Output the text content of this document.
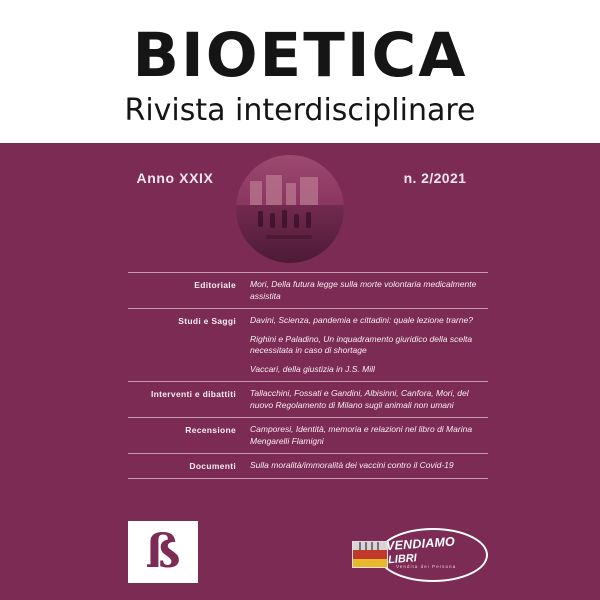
BIOETICA
Rivista interdisciplinare
Anno XXIX	n. 2/2021
Editoriale	Mori, Della futura legge sulla morte volontaria medicalmente assistita
Studi e Saggi	Davini, Scienza, pandemia e cittadini: quale lezione trarne?
Righini e Paladino, Un inquadramento giuridico della scelta necessitata in caso di shortage
Vaccari, della giustizia in J.S. Mill
Interventi e dibattiti	Tallacchini, Fossati e Gandini, Albisinni, Canfora, Mori, del nuovo Regolamento di Milano sugli animali non umani
Recensione	Camporesi, Identità, memoria e relazioni nel libro di Marina Mengarelli Flamigni
Documenti	Sulla moralità/immoralità dei vaccini contro il Covid-19
ß	VENDIAMO
LIBRI
Vendita dei Persona
